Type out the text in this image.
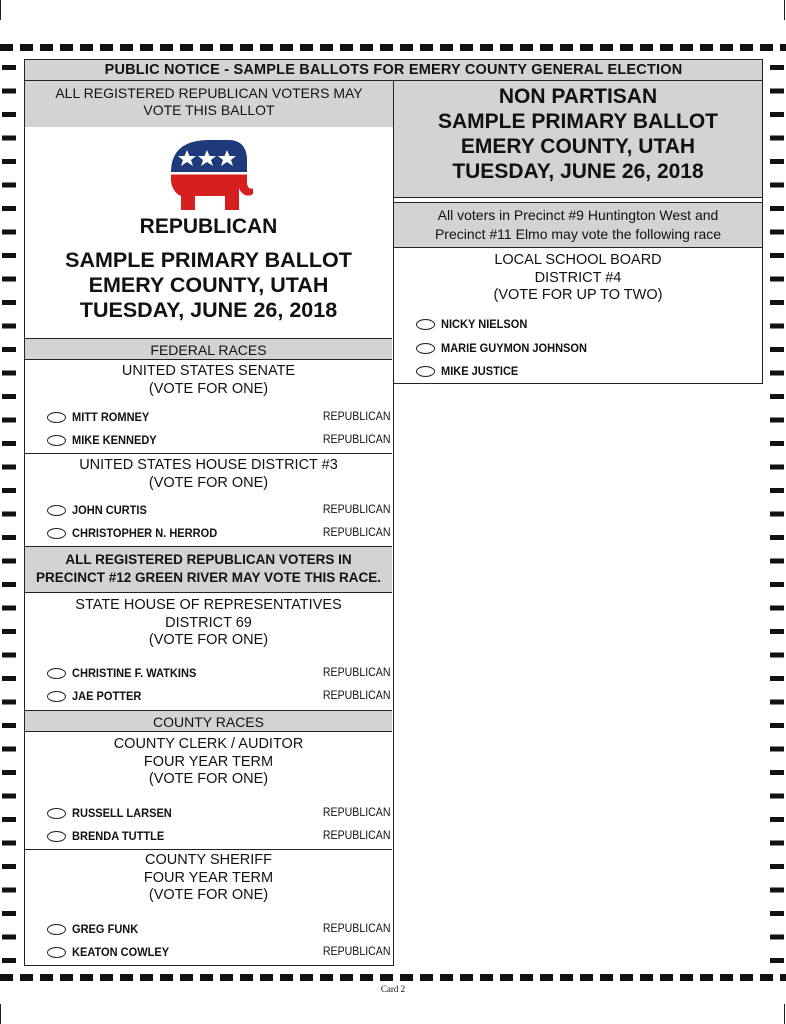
PUBLIC NOTICE - SAMPLE BALLOTS FOR EMERY COUNTY GENERAL ELECTION
ALL REGISTERED REPUBLICAN VOTERS MAY
VOTE THIS BALLOT
REPUBLICAN
SAMPLE PRIMARY BALLOT
EMERY COUNTY, UTAH
TUESDAY, JUNE 26, 2018
FEDERAL RACES
UNITED STATES SENATE
(VOTE FOR ONE)
MITT ROMNEY	REPUBLICAN
MIKE KENNEDY	REPUBLICAN
UNITED STATES HOUSE DISTRICT #3
(VOTE FOR ONE)
JOHN CURTIS	REPUBLICAN
CHRISTOPHER N. HERROD	REPUBLICAN
ALL REGISTERED REPUBLICAN VOTERS IN
PRECINCT #12 GREEN RIVER MAY VOTE THIS RACE.
STATE HOUSE OF REPRESENTATIVES
DISTRICT 69
(VOTE FOR ONE)
CHRISTINE F. WATKINS	REPUBLICAN
JAE POTTER	REPUBLICAN
COUNTY RACES
COUNTY CLERK / AUDITOR
FOUR YEAR TERM
(VOTE FOR ONE)
RUSSELL LARSEN	REPUBLICAN
BRENDA TUTTLE	REPUBLICAN
COUNTY SHERIFF
FOUR YEAR TERM
(VOTE FOR ONE)
GREG FUNK	REPUBLICAN
KEATON COWLEY	REPUBLICAN
NON PARTISAN
SAMPLE PRIMARY BALLOT
EMERY COUNTY, UTAH
TUESDAY, JUNE 26, 2018
All voters in Precinct #9 Huntington West and
Precinct #11 Elmo may vote the following race
LOCAL SCHOOL BOARD
DISTRICT #4
(VOTE FOR UP TO TWO)
NICKY NIELSON
MARIE GUYMON JOHNSON
MIKE JUSTICE
Card 2
